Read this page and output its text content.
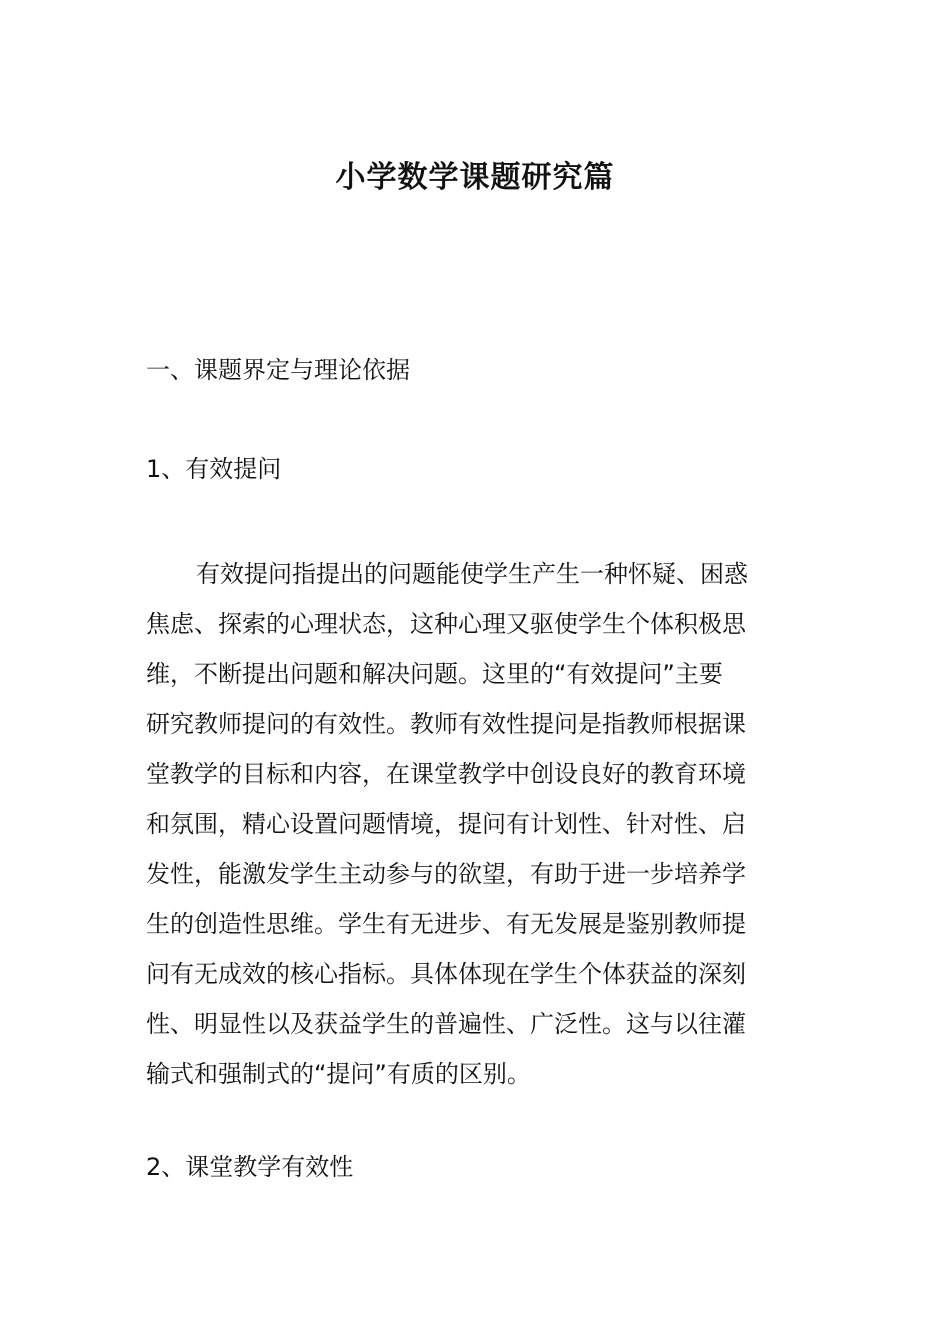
小学数学课题研究篇
一、课题界定与理论依据
1、有效提问
有效提问指提出的问题能使学生产生一种怀疑、困惑
焦虑、探索的心理状态，这种心理又驱使学生个体积极思
维，不断提出问题和解决问题。这里的“有效提问”主要
研究教师提问的有效性。教师有效性提问是指教师根据课
堂教学的目标和内容，在课堂教学中创设良好的教育环境
和氛围，精心设置问题情境，提问有计划性、针对性、启
发性，能激发学生主动参与的欲望，有助于进一步培养学
生的创造性思维。学生有无进步、有无发展是鉴别教师提
问有无成效的核心指标。具体体现在学生个体获益的深刻
性、明显性以及获益学生的普遍性、广泛性。这与以往灌
输式和强制式的“提问”有质的区别。
2、课堂教学有效性
